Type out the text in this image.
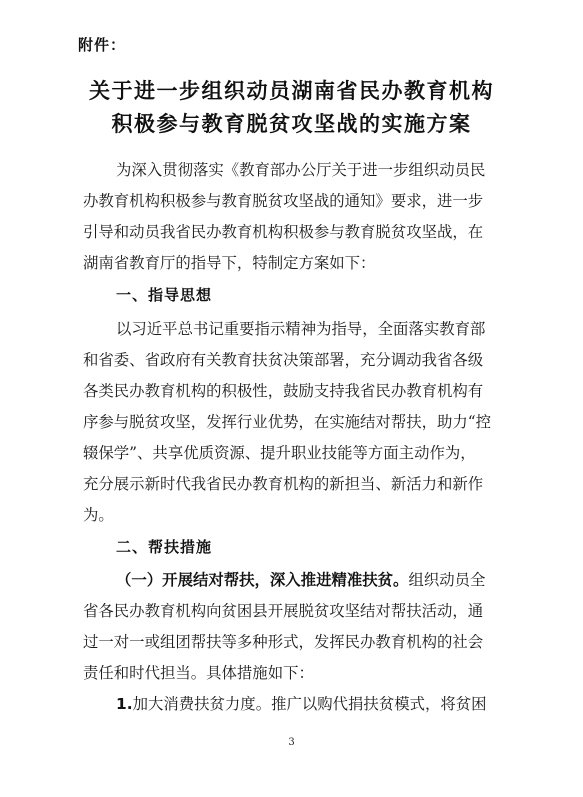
附件：
关于进一步组织动员湖南省民办教育机构
积极参与教育脱贫攻坚战的实施方案
为深入贯彻落实《教育部办公厅关于进一步组织动员民
办教育机构积极参与教育脱贫攻坚战的通知》要求，进一步
引导和动员我省民办教育机构积极参与教育脱贫攻坚战，在
湖南省教育厅的指导下，特制定方案如下：
一、指导思想
以习近平总书记重要指示精神为指导，全面落实教育部
和省委、省政府有关教育扶贫决策部署，充分调动我省各级
各类民办教育机构的积极性，鼓励支持我省民办教育机构有
序参与脱贫攻坚，发挥行业优势，在实施结对帮扶，助力“控
辍保学”、共享优质资源、提升职业技能等方面主动作为，
充分展示新时代我省民办教育机构的新担当、新活力和新作
为。
二、帮扶措施
（一）开展结对帮扶，深入推进精准扶贫。组织动员全
省各民办教育机构向贫困县开展脱贫攻坚结对帮扶活动，通
过一对一或组团帮扶等多种形式，发挥民办教育机构的社会
责任和时代担当。具体措施如下：
1.加大消费扶贫力度。推广以购代捐扶贫模式，将贫困
3
